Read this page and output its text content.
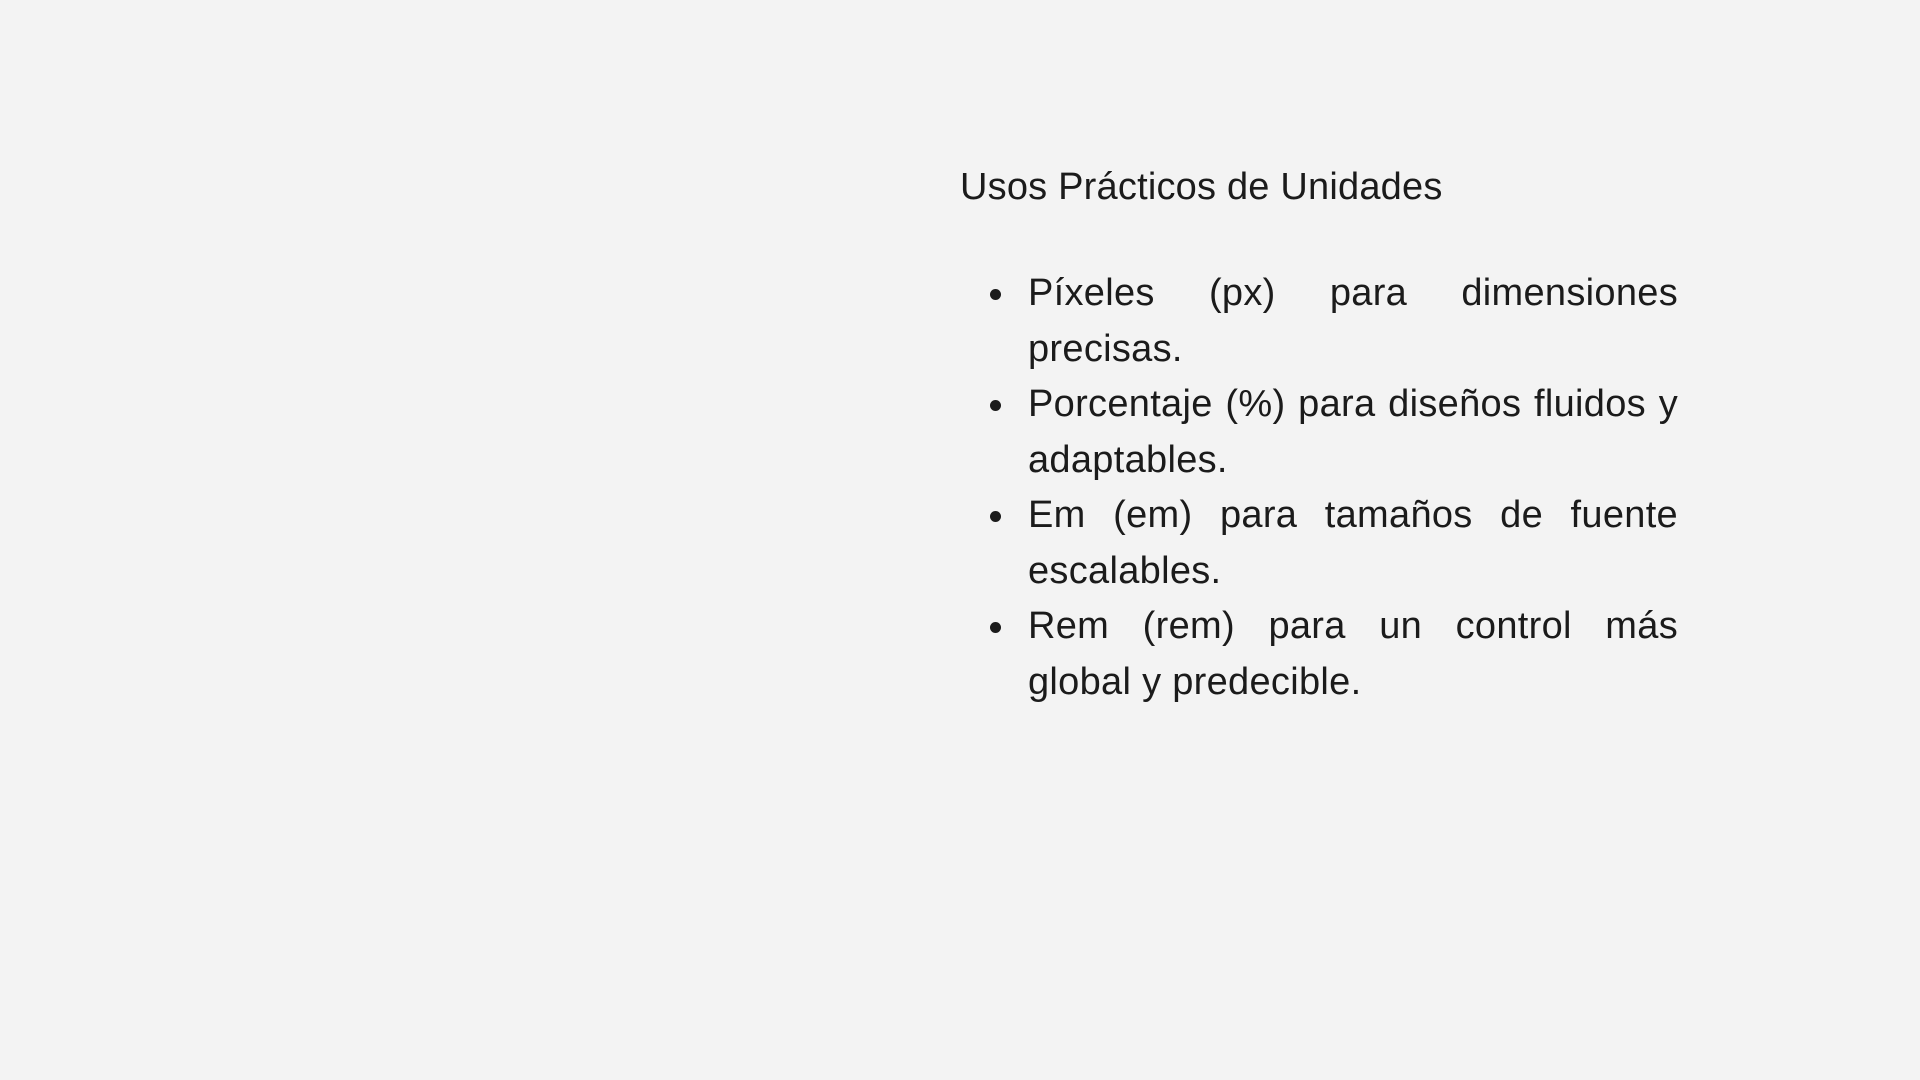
Usos Prácticos de Unidades
Píxeles (px) para dimensiones precisas.
Porcentaje (%) para diseños fluidos y adaptables.
Em (em) para tamaños de fuente escalables.
Rem (rem) para un control más global y predecible.
